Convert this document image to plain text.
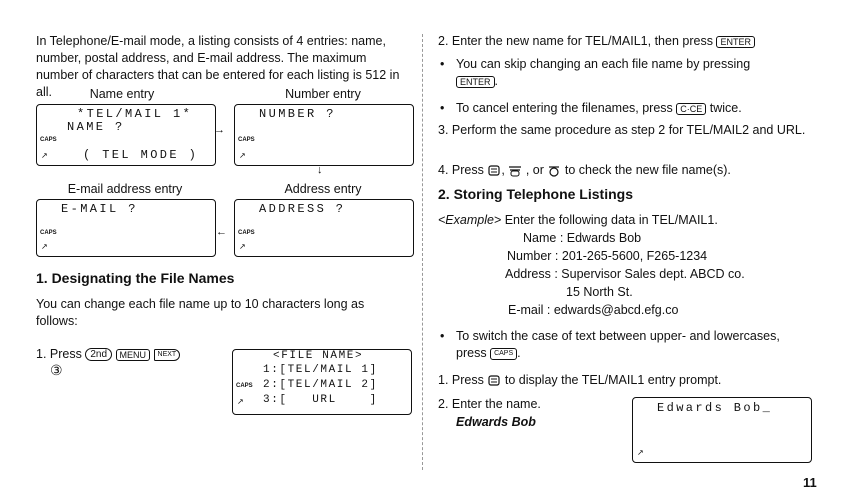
In Telephone/E-mail mode, a listing consists of 4 entries: name, number, postal address, and E-mail address. The maximum number of characters that can be entered for each listing is 512 in all.	Name entry	Number entry
*TEL/MAIL 1*
NAME ?
CAPS
↗	( TEL MODE )
→
NUMBER ?
CAPS
↗
↓
E-mail address entry	Address entry
E-MAIL ?
CAPS
↗
←
ADDRESS ?
CAPS
↗
1. Designating the File Names

You can change each file name up to 10 characters long as follows:

1. Press 2nd MENU NEXT
③
<FILE NAME>
1:[TEL/MAIL 1]
CAPS 2:[TEL/MAIL 2]
↗ 3:[   URL    ]
2. Enter the new name for TEL/MAIL1, then press ENTER
• You can skip changing an each file name by pressing
ENTER .
• To cancel entering the filenames, press C·CE twice.
3. Perform the same procedure as step 2 for TEL/MAIL2 and URL.
4. Press , , or to check the new file name(s).
2. Storing Telephone Listings
<Example> Enter the following data in TEL/MAIL1.
Name : Edwards Bob
Number : 201-265-5600, F265-1234
Address : Supervisor Sales dept. ABCD co.
15 North St.
E-mail : edwards@abcd.efg.co
• To switch the case of text between upper- and lowercases, press CAPS .
1. Press to display the TEL/MAIL1 entry prompt.
2. Enter the name.
Edwards Bob
Edwards Bob_
↗
11
